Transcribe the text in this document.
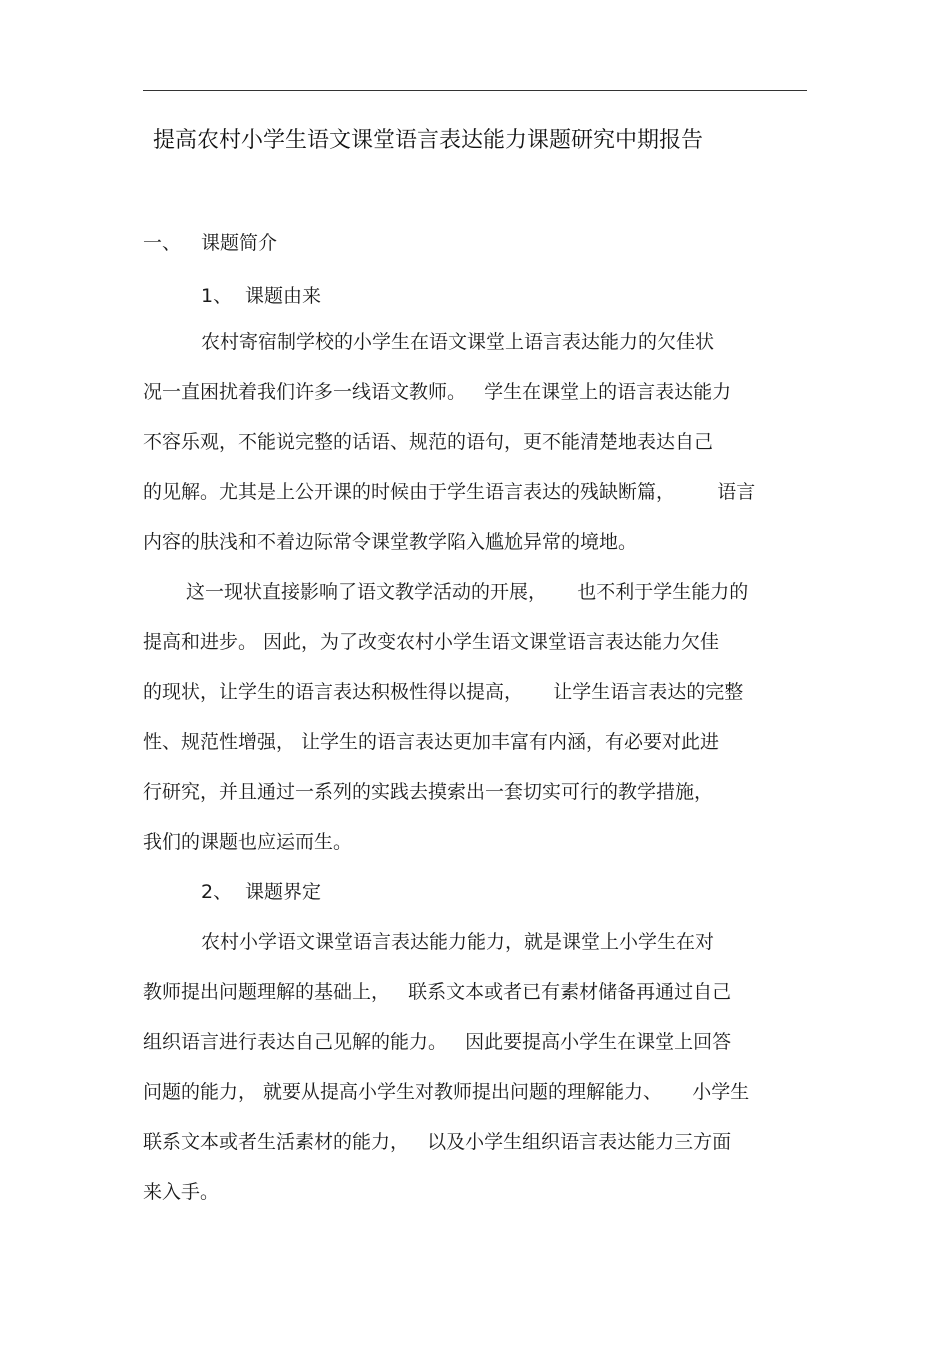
提高农村小学生语文课堂语言表达能力课题研究中期报告
一、 课题简介
1、 课题由来
农村寄宿制学校的小学生在语文课堂上语言表达能力的欠佳状
况一直困扰着我们许多一线语文教师。   学生在课堂上的语言表达能力
不容乐观，不能说完整的话语、规范的语句，更不能清楚地表达自己
的见解。尤其是上公开课的时候由于学生语言表达的残缺断篇，       语言
内容的肤浅和不着边际常令课堂教学陷入尴尬异常的境地。
这一现状直接影响了语文教学活动的开展，     也不利于学生能力的
提高和进步。 因此，为了改变农村小学生语文课堂语言表达能力欠佳
的现状，让学生的语言表达积极性得以提高，     让学生语言表达的完整
性、规范性增强， 让学生的语言表达更加丰富有内涵，有必要对此进
行研究，并且通过一系列的实践去摸索出一套切实可行的教学措施，
我们的课题也应运而生。
2、 课题界定
农村小学语文课堂语言表达能力能力，就是课堂上小学生在对
教师提出问题理解的基础上，   联系文本或者已有素材储备再通过自己
组织语言进行表达自己见解的能力。   因此要提高小学生在课堂上回答
问题的能力， 就要从提高小学生对教师提出问题的理解能力、     小学生
联系文本或者生活素材的能力，   以及小学生组织语言表达能力三方面
来入手。
